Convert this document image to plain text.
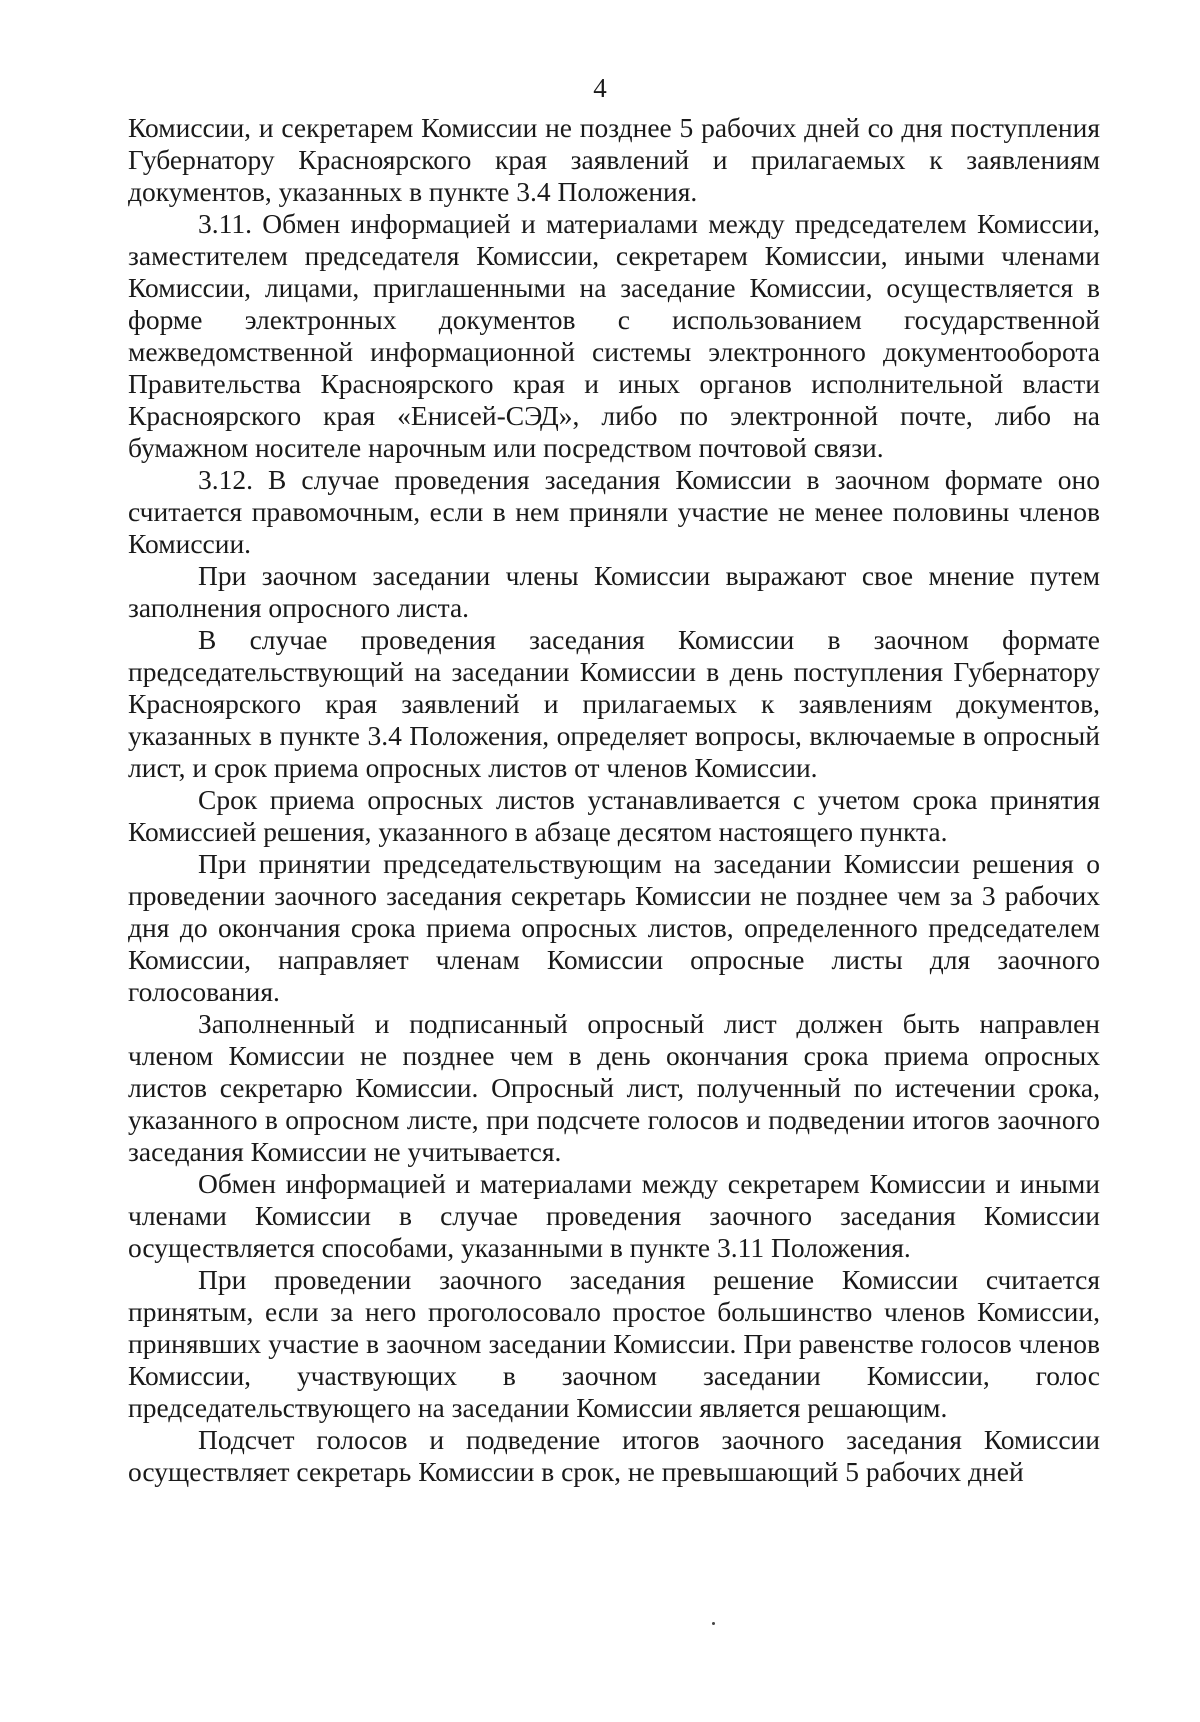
4

Комиссии, и секретарем Комиссии не позднее 5 рабочих дней со дня поступления Губернатору Красноярского края заявлений и прилагаемых к заявлениям документов, указанных в пункте 3.4 Положения.

3.11. Обмен информацией и материалами между председателем Комиссии, заместителем председателя Комиссии, секретарем Комиссии, иными членами Комиссии, лицами, приглашенными на заседание Комиссии, осуществляется в форме электронных документов с использованием государственной межведомственной информационной системы электронного документооборота Правительства Красноярского края и иных органов исполнительной власти Красноярского края «Енисей-СЭД», либо по электронной почте, либо на бумажном носителе нарочным или посредством почтовой связи.

3.12. В случае проведения заседания Комиссии в заочном формате оно считается правомочным, если в нем приняли участие не менее половины членов Комиссии.

При заочном заседании члены Комиссии выражают свое мнение путем заполнения опросного листа.

В случае проведения заседания Комиссии в заочном формате председательствующий на заседании Комиссии в день поступления Губернатору Красноярского края заявлений и прилагаемых к заявлениям документов, указанных в пункте 3.4 Положения, определяет вопросы, включаемые в опросный лист, и срок приема опросных листов от членов Комиссии.

Срок приема опросных листов устанавливается с учетом срока принятия Комиссией решения, указанного в абзаце десятом настоящего пункта.

При принятии председательствующим на заседании Комиссии решения о проведении заочного заседания секретарь Комиссии не позднее чем за 3 рабочих дня до окончания срока приема опросных листов, определенного председателем Комиссии, направляет членам Комиссии опросные листы для заочного голосования.

Заполненный и подписанный опросный лист должен быть направлен членом Комиссии не позднее чем в день окончания срока приема опросных листов секретарю Комиссии. Опросный лист, полученный по истечении срока, указанного в опросном листе, при подсчете голосов и подведении итогов заочного заседания Комиссии не учитывается.

Обмен информацией и материалами между секретарем Комиссии и иными членами Комиссии в случае проведения заочного заседания Комиссии осуществляется способами, указанными в пункте 3.11 Положения.

При проведении заочного заседания решение Комиссии считается принятым, если за него проголосовало простое большинство членов Комиссии, принявших участие в заочном заседании Комиссии. При равенстве голосов членов Комиссии, участвующих в заочном заседании Комиссии, голос председательствующего на заседании Комиссии является решающим.

Подсчет голосов и подведение итогов заочного заседания Комиссии осуществляет секретарь Комиссии в срок, не превышающий 5 рабочих дней
